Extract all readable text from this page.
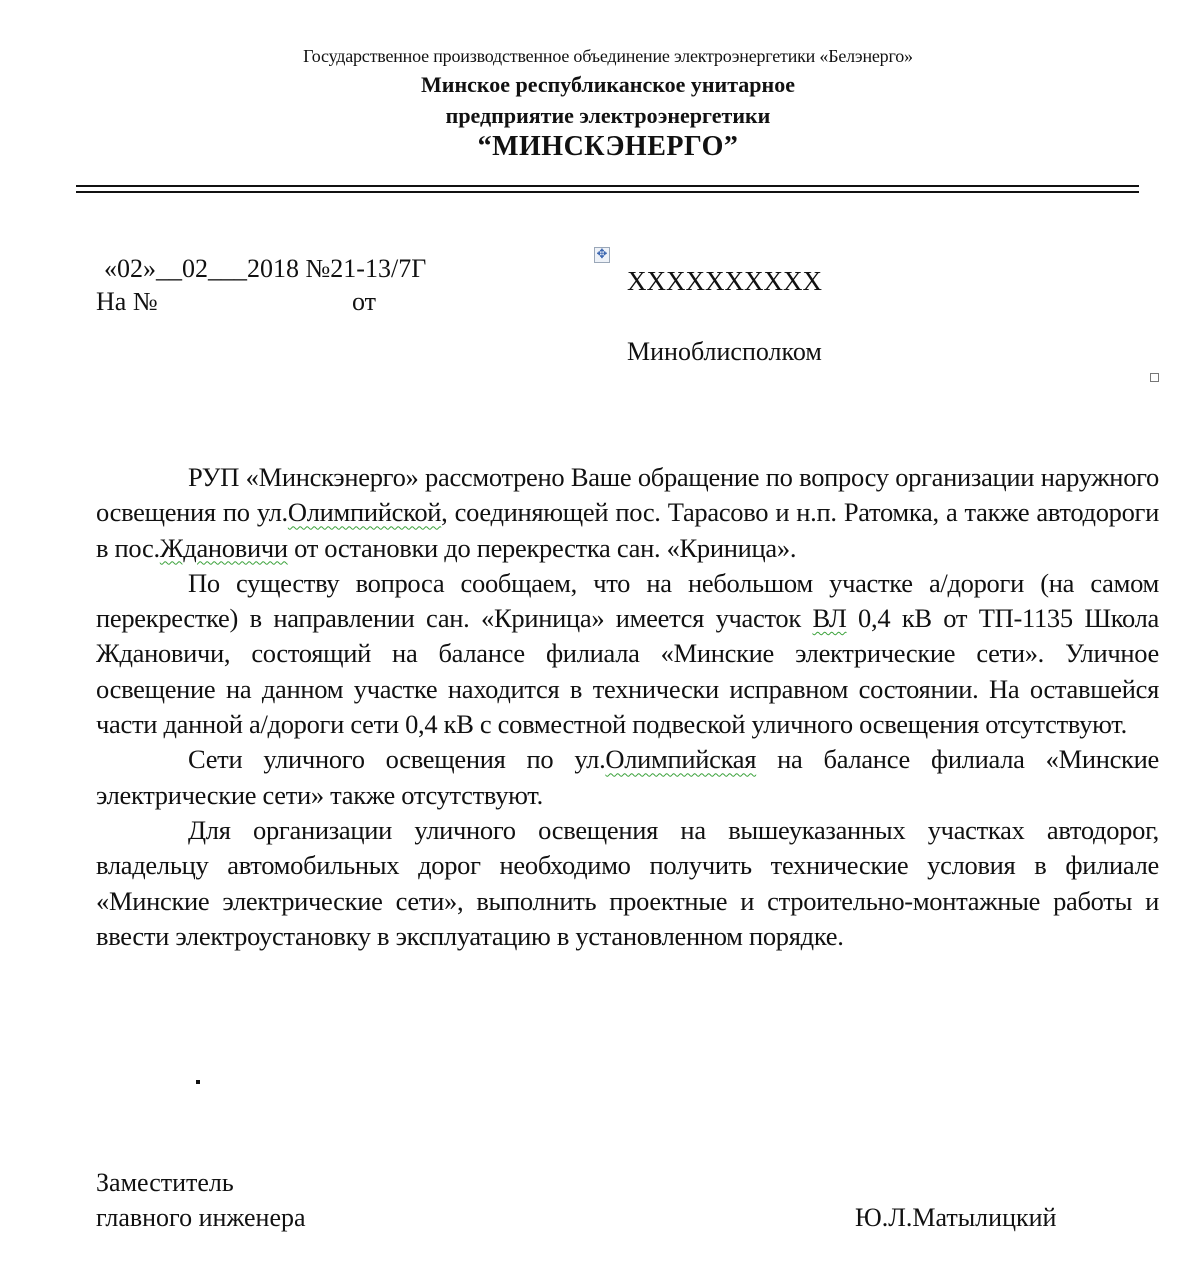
Государственное производственное объединение электроэнергетики «Белэнерго»
Минское республиканское унитарное
предприятие электроэнергетики
“МИНСКЭНЕРГО”
«02»__02___2018 №21-13/7Г
На №	от
✥
XXXXXXXXXX
Миноблисполком

РУП «Минскэнерго» рассмотрено Ваше обращение по вопросу организации наружного освещения по ул.Олимпийской, соединяющей пос. Тарасово и н.п. Ратомка, а также автодороги в пос.Ждановичи от остановки до перекрестка сан. «Криница».

По существу вопроса сообщаем, что на небольшом участке а/дороги (на самом перекрестке) в направлении сан. «Криница» имеется участок ВЛ 0,4 кВ от ТП-1135 Школа Ждановичи, состоящий на балансе филиала «Минские электрические сети». Уличное освещение на данном участке находится в технически исправном состоянии. На оставшейся части данной а/дороги сети 0,4 кВ с совместной подвеской уличного освещения отсутствуют.

Сети уличного освещения по ул.Олимпийская на балансе филиала «Минские электрические сети» также отсутствуют.

Для организации уличного освещения на вышеуказанных участках автодорог, владельцу автомобильных дорог необходимо получить технические условия в филиале «Минские электрические сети», выполнить проектные и строительно-монтажные работы и ввести электроустановку в эксплуатацию в установленном порядке.

Заместитель
главного инженера	Ю.Л.Матылицкий
